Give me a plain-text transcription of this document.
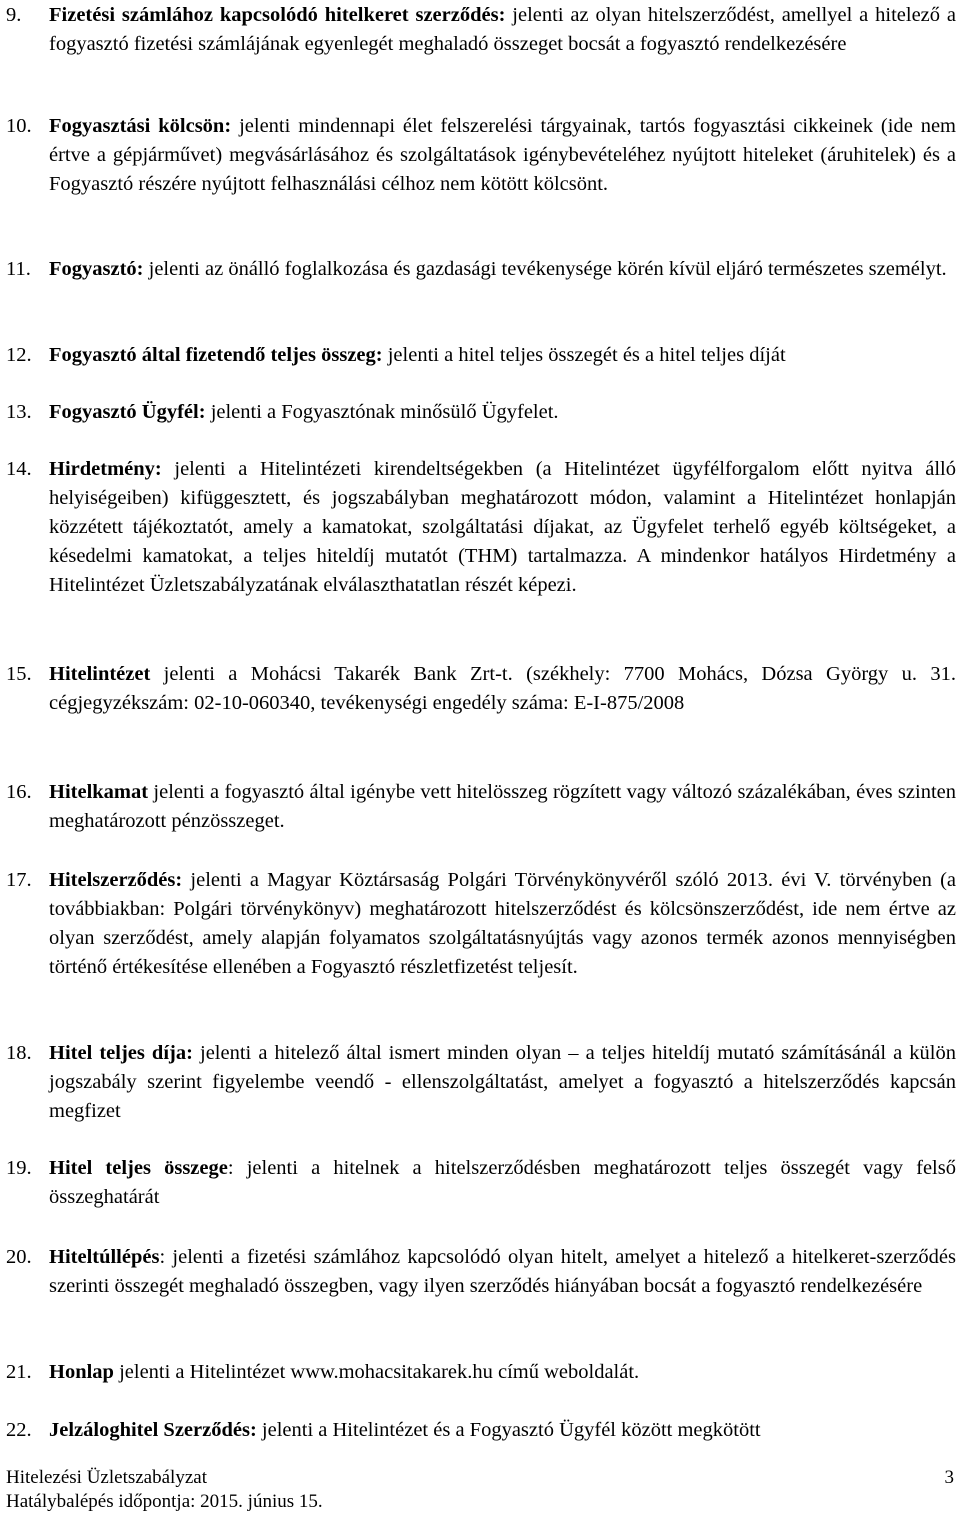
9.	Fizetési számlához kapcsolódó hitelkeret szerződés: jelenti az olyan hitelszerződést, amellyel a hitelező a fogyasztó fizetési számlájának egyenlegét meghaladó összeget bocsát a fogyasztó rendelkezésére
10. Fogyasztási kölcsön: jelenti mindennapi élet felszerelési tárgyainak, tartós fogyasztási cikkeinek (ide nem értve a gépjárművet) megvásárlásához és szolgáltatások igénybevételéhez nyújtott hiteleket (áruhitelek) és a Fogyasztó részére nyújtott felhasználási célhoz nem kötött kölcsönt.
11. Fogyasztó: jelenti az önálló foglalkozása és gazdasági tevékenysége körén kívül eljáró természetes személyt.
12. Fogyasztó által fizetendő teljes összeg: jelenti a hitel teljes összegét és a hitel teljes díját
13. Fogyasztó Ügyfél: jelenti a Fogyasztónak minősülő Ügyfelet.
14. Hirdetmény: jelenti a Hitelintézeti kirendeltségekben (a Hitelintézet ügyfélforgalom előtt nyitva álló helyiségeiben) kifüggesztett, és jogszabályban meghatározott módon, valamint a Hitelintézet honlapján közzétett tájékoztatót, amely a kamatokat, szolgáltatási díjakat, az Ügyfelet terhelő egyéb költségeket, a késedelmi kamatokat, a teljes hiteldíj mutatót (THM) tartalmazza. A mindenkor hatályos Hirdetmény a Hitelintézet Üzletszabályzatának elválaszthatatlan részét képezi.
15. Hitelintézet jelenti a Mohácsi Takarék Bank Zrt-t. (székhely: 7700 Mohács, Dózsa György u. 31. cégjegyzékszám: 02-10-060340, tevékenységi engedély száma: E-I-875/2008
16. Hitelkamat jelenti a fogyasztó által igénybe vett hitelösszeg rögzített vagy változó százalékában, éves szinten meghatározott pénzösszeget.
17. Hitelszerződés: jelenti a Magyar Köztársaság Polgári Törvénykönyvéről szóló 2013. évi V. törvényben (a továbbiakban: Polgári törvénykönyv) meghatározott hitelszerződést és kölcsönszerződést, ide nem értve az olyan szerződést, amely alapján folyamatos szolgáltatásnyújtás vagy azonos termék azonos mennyiségben történő értékesítése ellenében a Fogyasztó részletfizetést teljesít.
18. Hitel teljes díja: jelenti a hitelező által ismert minden olyan – a teljes hiteldíj mutató számításánál a külön jogszabály szerint figyelembe veendő - ellenszolgáltatást, amelyet a fogyasztó a hitelszerződés kapcsán megfizet
19. Hitel teljes összege: jelenti a hitelnek a hitelszerződésben meghatározott teljes összegét vagy felső összeghatárát
20. Hiteltúllépés: jelenti a fizetési számlához kapcsolódó olyan hitelt, amelyet a hitelező a hitelkeret-szerződés szerinti összegét meghaladó összegben, vagy ilyen szerződés hiányában bocsát a fogyasztó rendelkezésére
21. Honlap jelenti a Hitelintézet www.mohacsitakarek.hu című weboldalát.
22. Jelzáloghitel Szerződés: jelenti a Hitelintézet és a Fogyasztó Ügyfél között megkötött
Hitelezési Üzletszabályzat	3
Hatálybalépés időpontja: 2015. június 15.
